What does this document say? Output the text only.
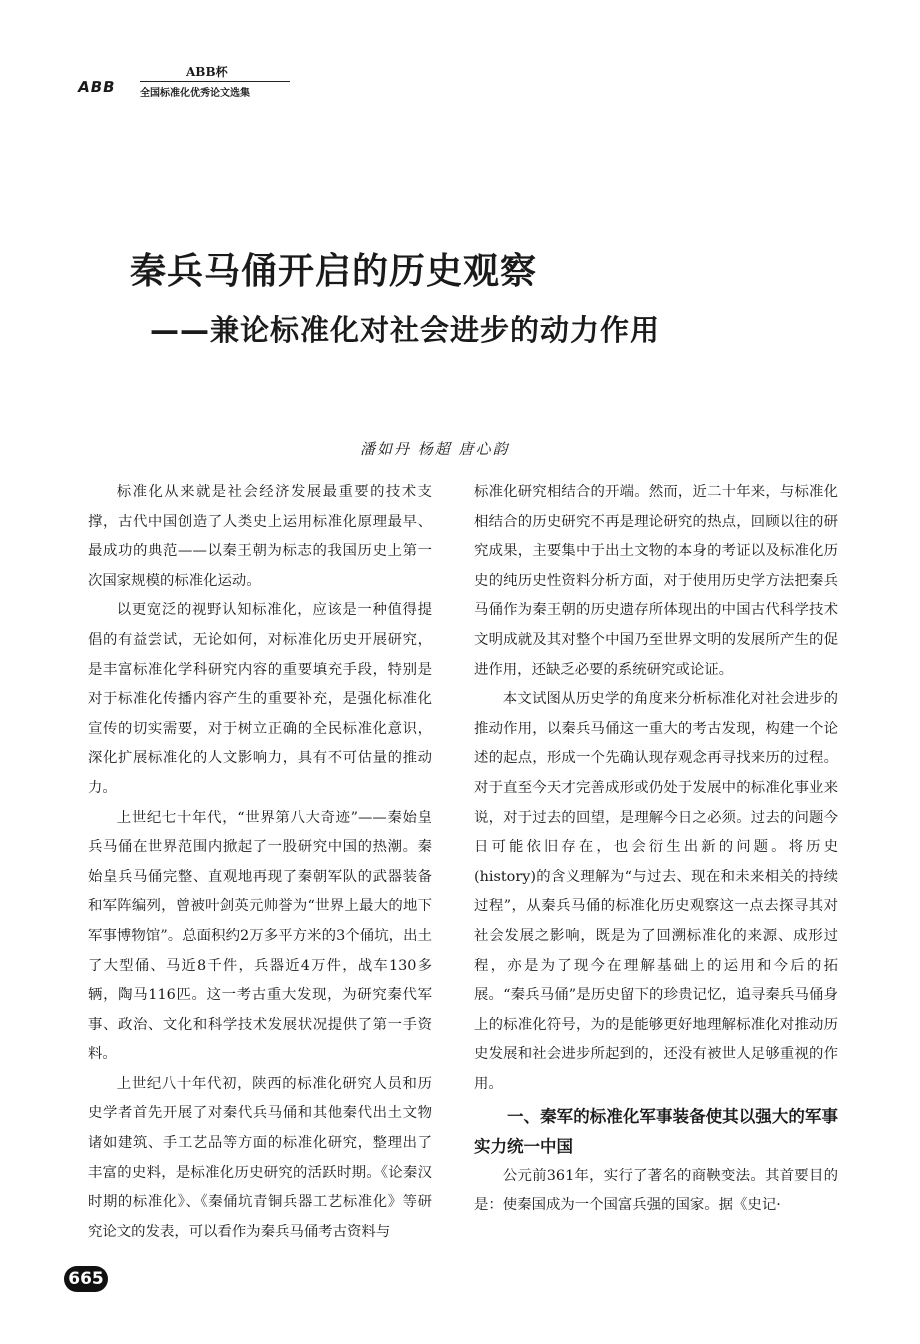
ABB
ABB杯
全国标准化优秀论文选集
秦兵马俑开启的历史观察
——兼论标准化对社会进步的动力作用
潘如丹 杨超 唐心韵

标准化从来就是社会经济发展最重要的技术支撑，古代中国创造了人类史上运用标准化原理最早、最成功的典范——以秦王朝为标志的我国历史上第一次国家规模的标准化运动。

以更宽泛的视野认知标准化，应该是一种值得提倡的有益尝试，无论如何，对标准化历史开展研究，是丰富标准化学科研究内容的重要填充手段，特别是对于标准化传播内容产生的重要补充，是强化标准化宣传的切实需要，对于树立正确的全民标准化意识，深化扩展标准化的人文影响力，具有不可估量的推动力。

上世纪七十年代，“世界第八大奇迹”——秦始皇兵马俑在世界范围内掀起了一股研究中国的热潮。秦始皇兵马俑完整、直观地再现了秦朝军队的武器装备和军阵编列，曾被叶剑英元帅誉为“世界上最大的地下军事博物馆”。总面积约2万多平方米的3个俑坑，出土了大型俑、马近8千件，兵器近4万件，战车130多辆，陶马116匹。这一考古重大发现，为研究秦代军事、政治、文化和科学技术发展状况提供了第一手资料。

上世纪八十年代初，陕西的标准化研究人员和历史学者首先开展了对秦代兵马俑和其他秦代出土文物诸如建筑、手工艺品等方面的标准化研究，整理出了丰富的史料，是标准化历史研究的活跃时期。《论秦汉时期的标准化》、《秦俑坑青铜兵器工艺标准化》等研究论文的发表，可以看作为秦兵马俑考古资料与

标准化研究相结合的开端。然而，近二十年来，与标准化相结合的历史研究不再是理论研究的热点，回顾以往的研究成果，主要集中于出土文物的本身的考证以及标准化历史的纯历史性资料分析方面，对于使用历史学方法把秦兵马俑作为秦王朝的历史遗存所体现出的中国古代科学技术文明成就及其对整个中国乃至世界文明的发展所产生的促进作用，还缺乏必要的系统研究或论证。

本文试图从历史学的角度来分析标准化对社会进步的推动作用，以秦兵马俑这一重大的考古发现，构建一个论述的起点，形成一个先确认现存观念再寻找来历的过程。对于直至今天才完善成形或仍处于发展中的标准化事业来说，对于过去的回望，是理解今日之必须。过去的问题今日可能依旧存在，也会衍生出新的问题。将历史(history)的含义理解为“与过去、现在和未来相关的持续过程”，从秦兵马俑的标准化历史观察这一点去探寻其对社会发展之影响，既是为了回溯标准化的来源、成形过程，亦是为了现今在理解基础上的运用和今后的拓展。“秦兵马俑”是历史留下的珍贵记忆，追寻秦兵马俑身上的标准化符号，为的是能够更好地理解标准化对推动历史发展和社会进步所起到的，还没有被世人足够重视的作用。

一、秦军的标准化军事装备使其以强大的军事实力统一中国

公元前361年，实行了著名的商鞅变法。其首要目的是：使秦国成为一个国富兵强的国家。据《史记·

665
